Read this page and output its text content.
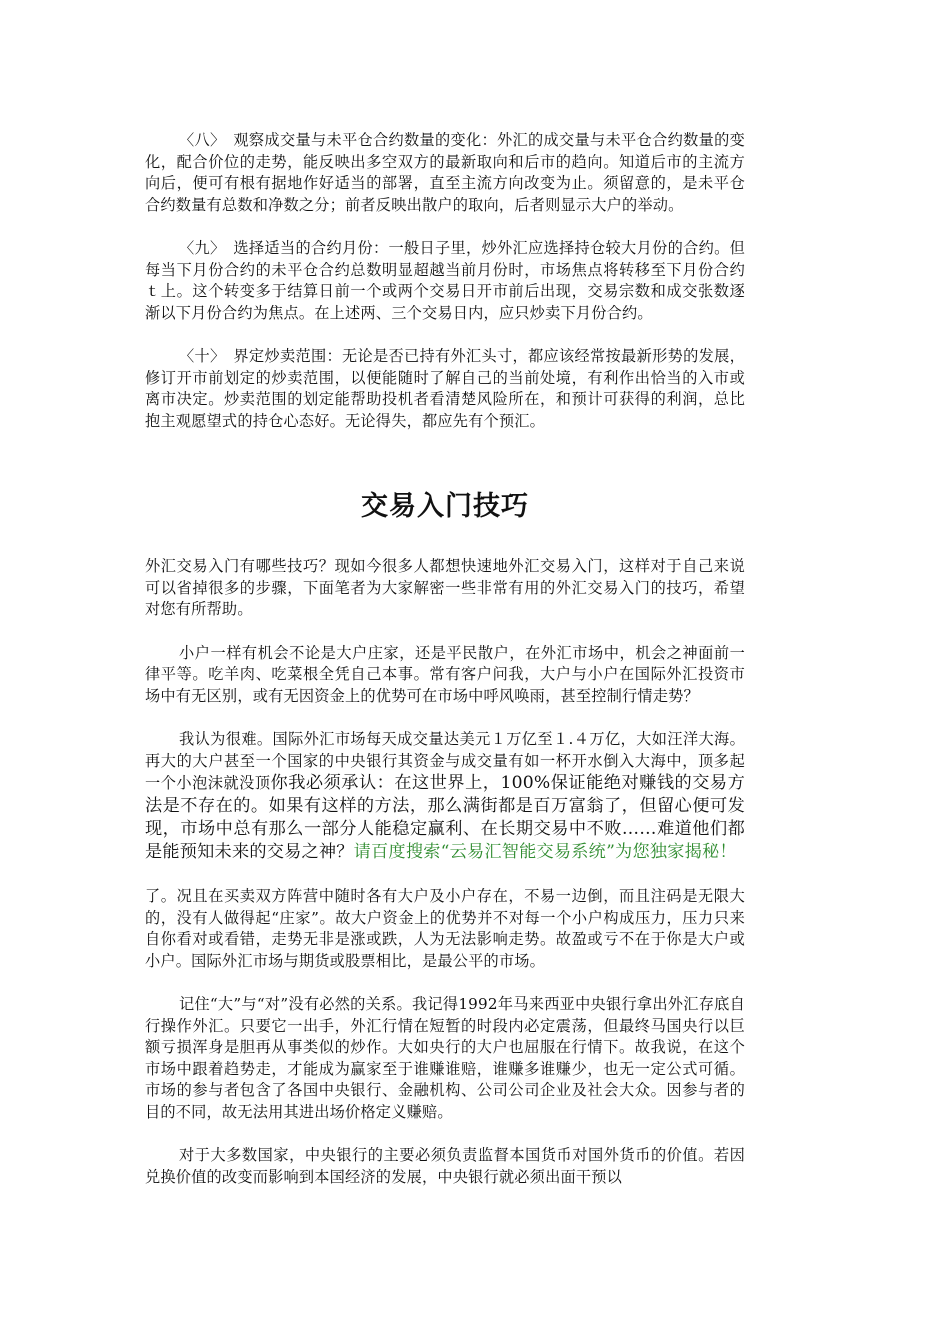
〈八〉　观察成交量与未平仓合约数量的变化：外汇的成交量与未平仓合约数量的变化，配合价位的走势，能反映出多空双方的最新取向和后市的趋向。知道后市的主流方向后，便可有根有据地作好适当的部署，直至主流方向改变为止。须留意的，是未平仓合约数量有总数和净数之分；前者反映出散户的取向，后者则显示大户的举动。

〈九〉　选择适当的合约月份：一般日子里，炒外汇应选择持仓较大月份的合约。但每当下月份合约的未平仓合约总数明显超越当前月份时，市场焦点将转移至下月份合约ｔ上。这个转变多于结算日前一个或两个交易日开市前后出现，交易宗数和成交张数逐渐以下月份合约为焦点。在上述两、三个交易日内，应只炒卖下月份合约。

〈十〉　界定炒卖范围：无论是否已持有外汇头寸，都应该经常按最新形势的发展，修订开市前划定的炒卖范围，以便能随时了解自己的当前处境，有利作出恰当的入市或离市决定。炒卖范围的划定能帮助投机者看清楚风险所在，和预计可获得的利润，总比抱主观愿望式的持仓心态好。无论得失，都应先有个预汇。

交易入门技巧

外汇交易入门有哪些技巧？现如今很多人都想快速地外汇交易入门，这样对于自己来说可以省掉很多的步骤，下面笔者为大家解密一些非常有用的外汇交易入门的技巧，希望对您有所帮助。

小户一样有机会不论是大户庄家，还是平民散户，在外汇市场中，机会之神面前一律平等。吃羊肉、吃菜根全凭自己本事。常有客户问我，大户与小户在国际外汇投资市场中有无区别，或有无因资金上的优势可在市场中呼风唤雨，甚至控制行情走势？

我认为很难。国际外汇市场每天成交量达美元１万亿至１.４万亿，大如汪洋大海。再大的大户甚至一个国家的中央银行其资金与成交量有如一杯开水倒入大海中，顶多起一个小泡沫就没顶你我必须承认：在这世界上，100%保证能绝对赚钱的交易方法是不存在的。如果有这样的方法，那么满街都是百万富翁了，但留心便可发现，市场中总有那么一部分人能稳定赢利、在长期交易中不败……难道他们都是能预知未来的交易之神？请百度搜索“云易汇智能交易系统”为您独家揭秘！

了。况且在买卖双方阵营中随时各有大户及小户存在，不易一边倒，而且注码是无限大的，没有人做得起“庄家”。故大户资金上的优势并不对每一个小户构成压力，压力只来自你看对或看错，走势无非是涨或跌，人为无法影响走势。故盈或亏不在于你是大户或小户。国际外汇市场与期货或股票相比，是最公平的市场。

记住“大”与“对”没有必然的关系。我记得1992年马来西亚中央银行拿出外汇存底自行操作外汇。只要它一出手，外汇行情在短暂的时段内必定震荡，但最终马国央行以巨额亏损浑身是胆再从事类似的炒作。大如央行的大户也屈服在行情下。故我说，在这个市场中跟着趋势走，才能成为赢家至于谁赚谁赔，谁赚多谁赚少，也无一定公式可循。市场的参与者包含了各国中央银行、金融机构、公司公司企业及社会大众。因参与者的目的不同，故无法用其进出场价格定义赚赔。

对于大多数国家，中央银行的主要必须负责监督本国货币对国外货币的价值。若因兑换价值的改变而影响到本国经济的发展，中央银行就必须出面干预以
